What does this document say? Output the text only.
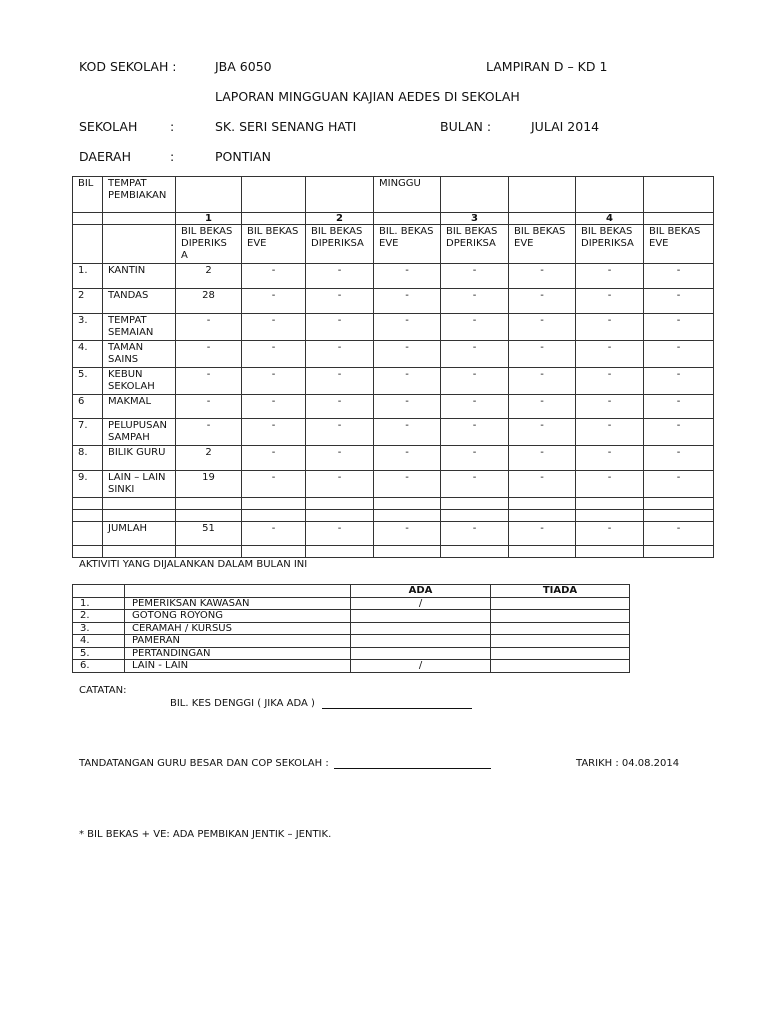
KOD SEKOLAH :	JBA 6050	LAMPIRAN D – KD 1
LAPORAN MINGGUAN KAJIAN AEDES DI SEKOLAH
SEKOLAH	:	SK. SERI SENANG HATI	BULAN :	JULAI 2014
DAERAH	:	PONTIAN
BIL	TEMPAT PEMBIAKAN				MINGGU				
		1		2		3		4	
		BIL BEKAS DIPERIKS A	BIL BEKAS EVE	BIL BEKAS DIPERIKSA	BIL. BEKAS EVE	BIL BEKAS DPERIKSA	BIL BEKAS EVE	BIL BEKAS DIPERIKSA	BIL BEKAS EVE
1.	KANTIN	2	-	-	-	-	-	-	-
2	TANDAS	28	-	-	-	-	-	-	-
3.	TEMPAT SEMAIAN	-	-	-	-	-	-	-	-
4.	TAMAN SAINS	-	-	-	-	-	-	-	-
5.	KEBUN SEKOLAH	-	-	-	-	-	-	-	-
6	MAKMAL	-	-	-	-	-	-	-	-
7.	PELUPUSAN SAMPAH	-	-	-	-	-	-	-	-
8.	BILIK GURU	2	-	-	-	-	-	-	-
9.	LAIN – LAIN SINKI	19	-	-	-	-	-	-	-

	JUMLAH	51	-	-	-	-	-	-	-

AKTIVITI YANG DIJALANKAN DALAM BULAN INI
		ADA	TIADA
1.	PEMERIKSAN KAWASAN	/	
2.	GOTONG ROYONG		
3.	CERAMAH / KURSUS		
4.	PAMERAN		
5.	PERTANDINGAN		
6.	LAIN - LAIN	/	
CATATAN:
BIL. KES DENGGI ( JIKA ADA )
TANDATANGAN GURU BESAR DAN COP SEKOLAH :	TARIKH : 04.08.2014
* BIL BEKAS + VE: ADA PEMBIKAN JENTIK – JENTIK.
